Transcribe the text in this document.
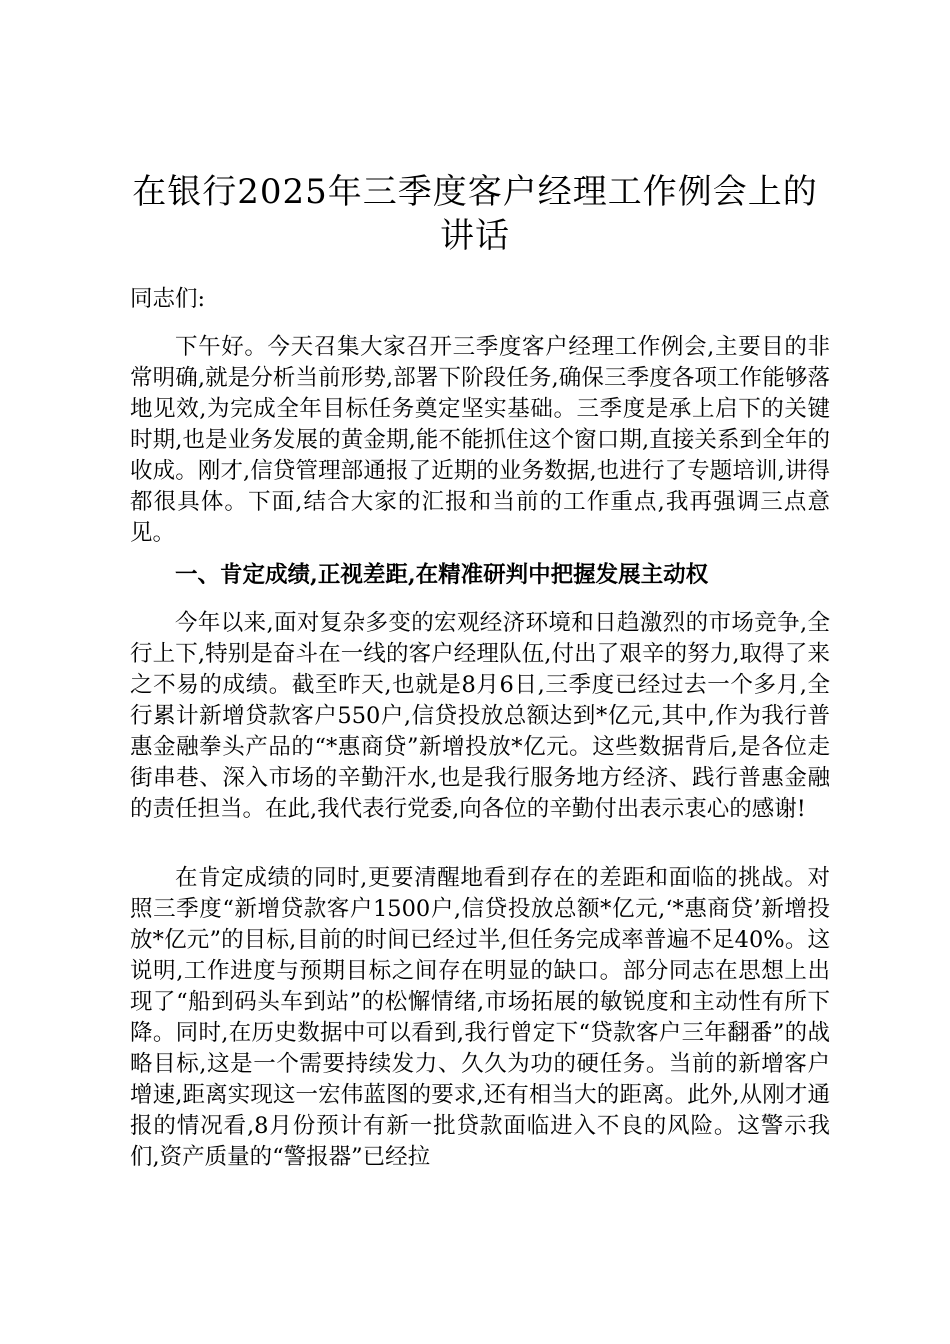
在银行2025年三季度客户经理工作例会上的讲话

同志们:

下午好。今天召集大家召开三季度客户经理工作例会,主要目的非常明确,就是分析当前形势,部署下阶段任务,确保三季度各项工作能够落地见效,为完成全年目标任务奠定坚实基础。三季度是承上启下的关键时期,也是业务发展的黄金期,能不能抓住这个窗口期,直接关系到全年的收成。刚才,信贷管理部通报了近期的业务数据,也进行了专题培训,讲得都很具体。下面,结合大家的汇报和当前的工作重点,我再强调三点意见。

一、肯定成绩,正视差距,在精准研判中把握发展主动权

今年以来,面对复杂多变的宏观经济环境和日趋激烈的市场竞争,全行上下,特别是奋斗在一线的客户经理队伍,付出了艰辛的努力,取得了来之不易的成绩。截至昨天,也就是8月6日,三季度已经过去一个多月,全行累计新增贷款客户550户,信贷投放总额达到*亿元,其中,作为我行普惠金融拳头产品的“*惠商贷”新增投放*亿元。这些数据背后,是各位走街串巷、深入市场的辛勤汗水,也是我行服务地方经济、践行普惠金融的责任担当。在此,我代表行党委,向各位的辛勤付出表示衷心的感谢!

在肯定成绩的同时,更要清醒地看到存在的差距和面临的挑战。对照三季度“新增贷款客户1500户,信贷投放总额*亿元,‘*惠商贷’新增投放*亿元”的目标,目前的时间已经过半,但任务完成率普遍不足40%。这说明,工作进度与预期目标之间存在明显的缺口。部分同志在思想上出现了“船到码头车到站”的松懈情绪,市场拓展的敏锐度和主动性有所下降。同时,在历史数据中可以看到,我行曾定下“贷款客户三年翻番”的战略目标,这是一个需要持续发力、久久为功的硬任务。当前的新增客户增速,距离实现这一宏伟蓝图的要求,还有相当大的距离。此外,从刚才通报的情况看,8月份预计有新一批贷款面临进入不良的风险。这警示我们,资产质量的“警报器”已经拉
